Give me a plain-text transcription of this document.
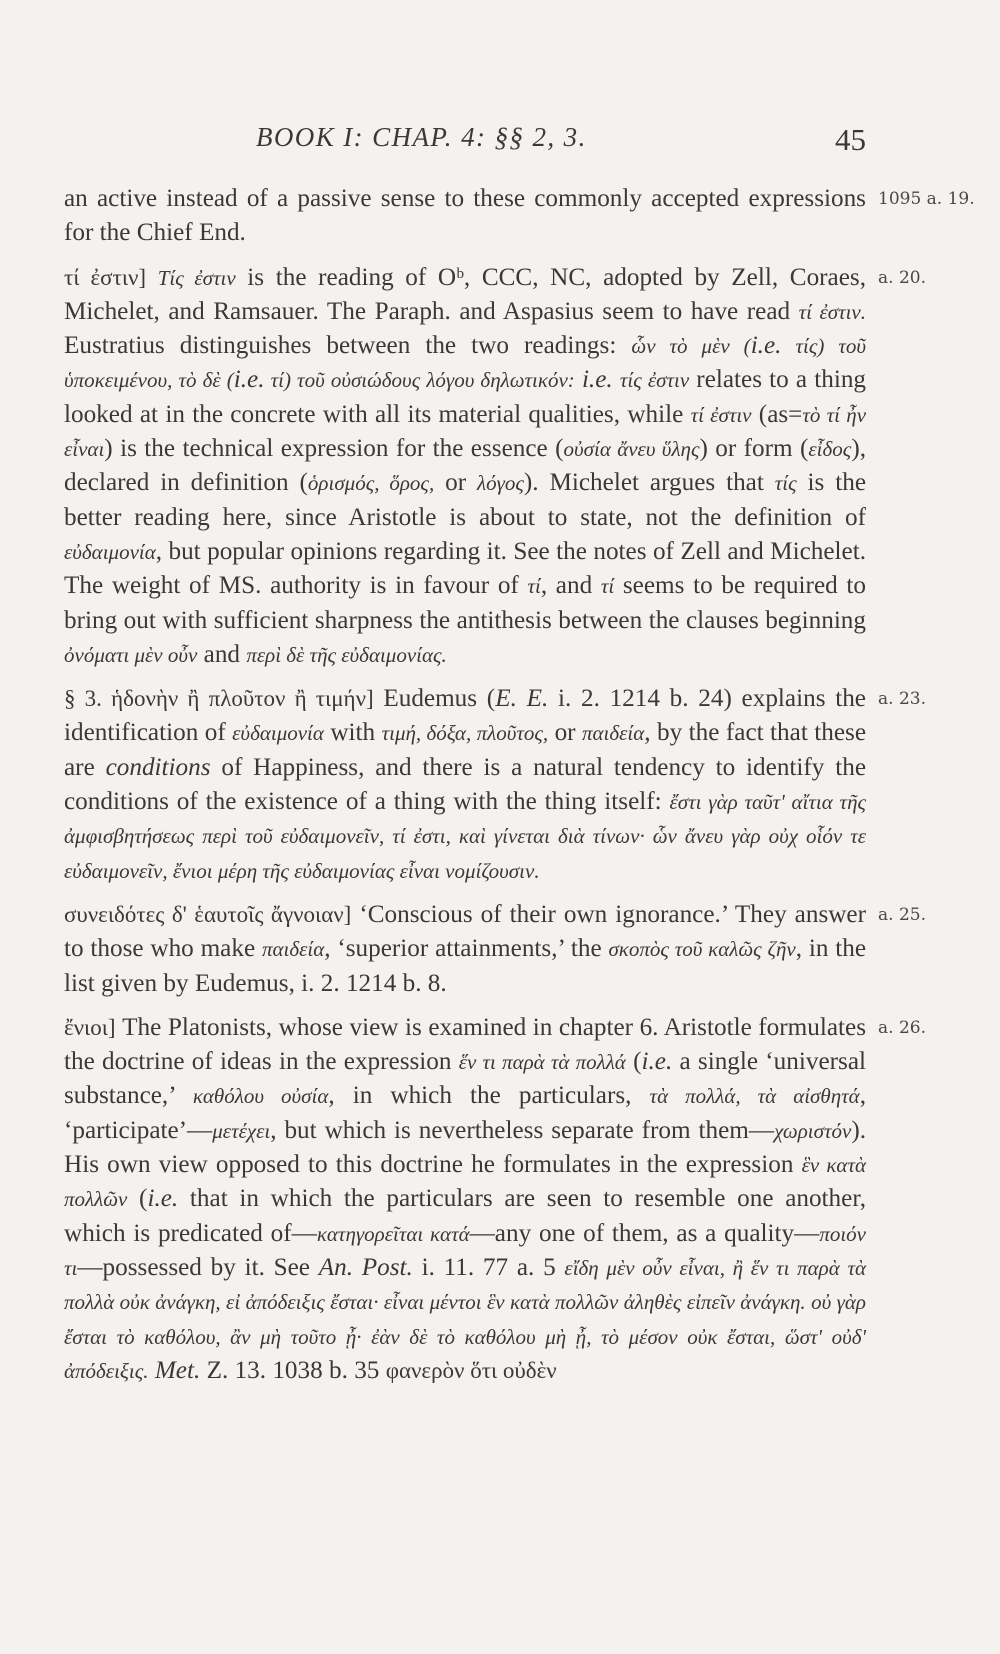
BOOK I: CHAP. 4: §§ 2, 3.	45

1095 a. 19.
an active instead of a passive sense to these commonly accepted expressions for the Chief End.

a. 20.
τί ἐστιν] Τίς ἐστιν is the reading of Oᵇ, CCC, NC, adopted by Zell, Coraes, Michelet, and Ramsauer. The Paraph. and Aspasius seem to have read τί ἐστιν. Eustratius distinguishes between the two readings: ὧν τὸ μὲν (i.e. τίς) τοῦ ὑποκειμένου, τὸ δὲ (i.e. τί) τοῦ οὐσιώδους λόγου δηλωτικόν: i.e. τίς ἐστιν relates to a thing looked at in the concrete with all its material qualities, while τί ἐστιν (as=τὸ τί ἦν εἶναι) is the technical expression for the essence (οὐσία ἄνευ ὕλης) or form (εἶδος), declared in definition (ὁρισμός, ὅρος, or λόγος). Michelet argues that τίς is the better reading here, since Aristotle is about to state, not the definition of εὐδαιμονία, but popular opinions regarding it. See the notes of Zell and Michelet. The weight of MS. authority is in favour of τί, and τί seems to be required to bring out with sufficient sharpness the antithesis between the clauses beginning ὀνόματι μὲν οὖν and περὶ δὲ τῆς εὐδαιμονίας.

a. 23.
§ 3. ἡδονὴν ἢ πλοῦτον ἢ τιμήν] Eudemus (E. E. i. 2. 1214 b. 24) explains the identification of εὐδαιμονία with τιμή, δόξα, πλοῦτος, or παιδεία, by the fact that these are conditions of Happiness, and there is a natural tendency to identify the conditions of the existence of a thing with the thing itself: ἔστι γὰρ ταῦτ' αἴτια τῆς ἀμφισβητήσεως περὶ τοῦ εὐδαιμονεῖν, τί ἐστι, καὶ γίνεται διὰ τίνων· ὧν ἄνευ γὰρ οὐχ οἷόν τε εὐδαιμονεῖν, ἔνιοι μέρη τῆς εὐδαιμονίας εἶναι νομίζουσιν.

a. 25.
συνειδότες δ' ἑαυτοῖς ἄγνοιαν] ‘Conscious of their own ignorance.’ They answer to those who make παιδεία, ‘superior attainments,’ the σκοπὸς τοῦ καλῶς ζῆν, in the list given by Eudemus, i. 2. 1214 b. 8.

a. 26.
ἔνιοι] The Platonists, whose view is examined in chapter 6. Aristotle formulates the doctrine of ideas in the expression ἕν τι παρὰ τὰ πολλά (i.e. a single ‘universal substance,’ καθόλου οὐσία, in which the particulars, τὰ πολλά, τὰ αἰσθητά, ‘participate’—μετέχει, but which is nevertheless separate from them—χωριστόν). His own view opposed to this doctrine he formulates in the expression ἓν κατὰ πολλῶν (i.e. that in which the particulars are seen to resemble one another, which is predicated of—κατηγορεῖται κατά—any one of them, as a quality—ποιόν τι—possessed by it. See An. Post. i. 11. 77 a. 5 εἴδη μὲν οὖν εἶναι, ἢ ἕν τι παρὰ τὰ πολλὰ οὐκ ἀνάγκη, εἰ ἀπόδειξις ἔσται· εἶναι μέντοι ἓν κατὰ πολλῶν ἀληθὲς εἰπεῖν ἀνάγκη. οὐ γὰρ ἔσται τὸ καθόλου, ἂν μὴ τοῦτο ᾖ· ἐὰν δὲ τὸ καθόλου μὴ ᾖ, τὸ μέσον οὐκ ἔσται, ὥστ' οὐδ' ἀπόδειξις. Met. Z. 13. 1038 b. 35 φανερὸν ὅτι οὐδὲν
